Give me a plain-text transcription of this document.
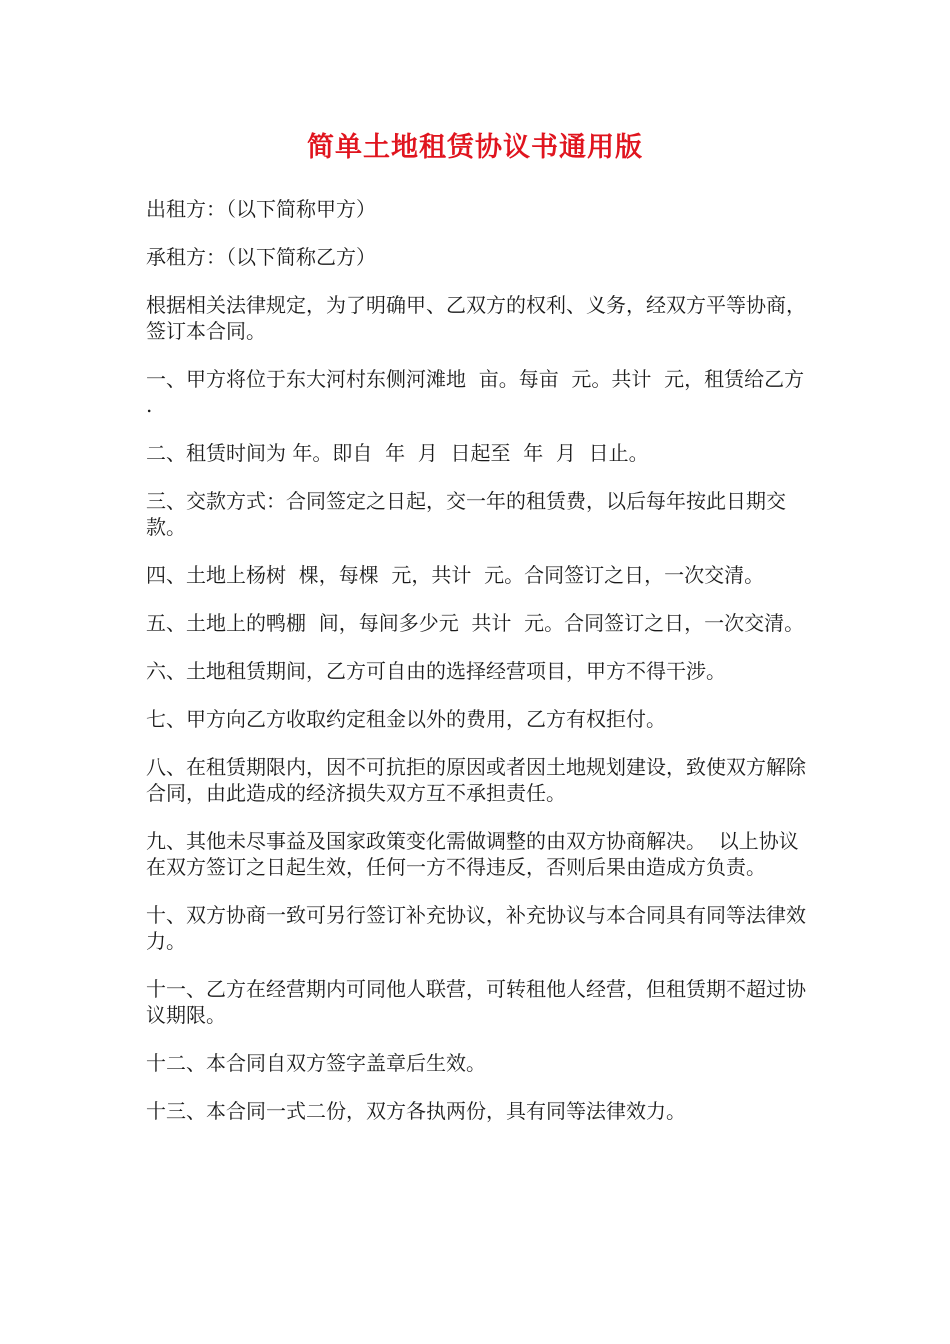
简单土地租赁协议书通用版

出租方：（以下简称甲方）

承租方：（以下简称乙方）

根据相关法律规定，为了明确甲、乙双方的权利、义务，经双方平等协商，签订本合同。

一、甲方将位于东大河村东侧河滩地  亩。每亩  元。共计  元，租赁给乙方 .

二、租赁时间为 年。即自  年  月  日起至  年  月  日止。

三、交款方式：合同签定之日起，交一年的租赁费，以后每年按此日期交款。

四、土地上杨树  棵，每棵  元，共计  元。合同签订之日，一次交清。

五、土地上的鸭棚  间，每间多少元  共计  元。合同签订之日，一次交清。

六、土地租赁期间，乙方可自由的选择经营项目，甲方不得干涉。

七、甲方向乙方收取约定租金以外的费用，乙方有权拒付。

八、在租赁期限内，因不可抗拒的原因或者因土地规划建设，致使双方解除合同，由此造成的经济损失双方互不承担责任。

九、其他未尽事益及国家政策变化需做调整的由双方协商解决。  以上协议在双方签订之日起生效，任何一方不得违反，否则后果由造成方负责。

十、双方协商一致可另行签订补充协议，补充协议与本合同具有同等法律效力。

十一、乙方在经营期内可同他人联营，可转租他人经营，但租赁期不超过协议期限。

十二、本合同自双方签字盖章后生效。

十三、本合同一式二份，双方各执两份，具有同等法律效力。
